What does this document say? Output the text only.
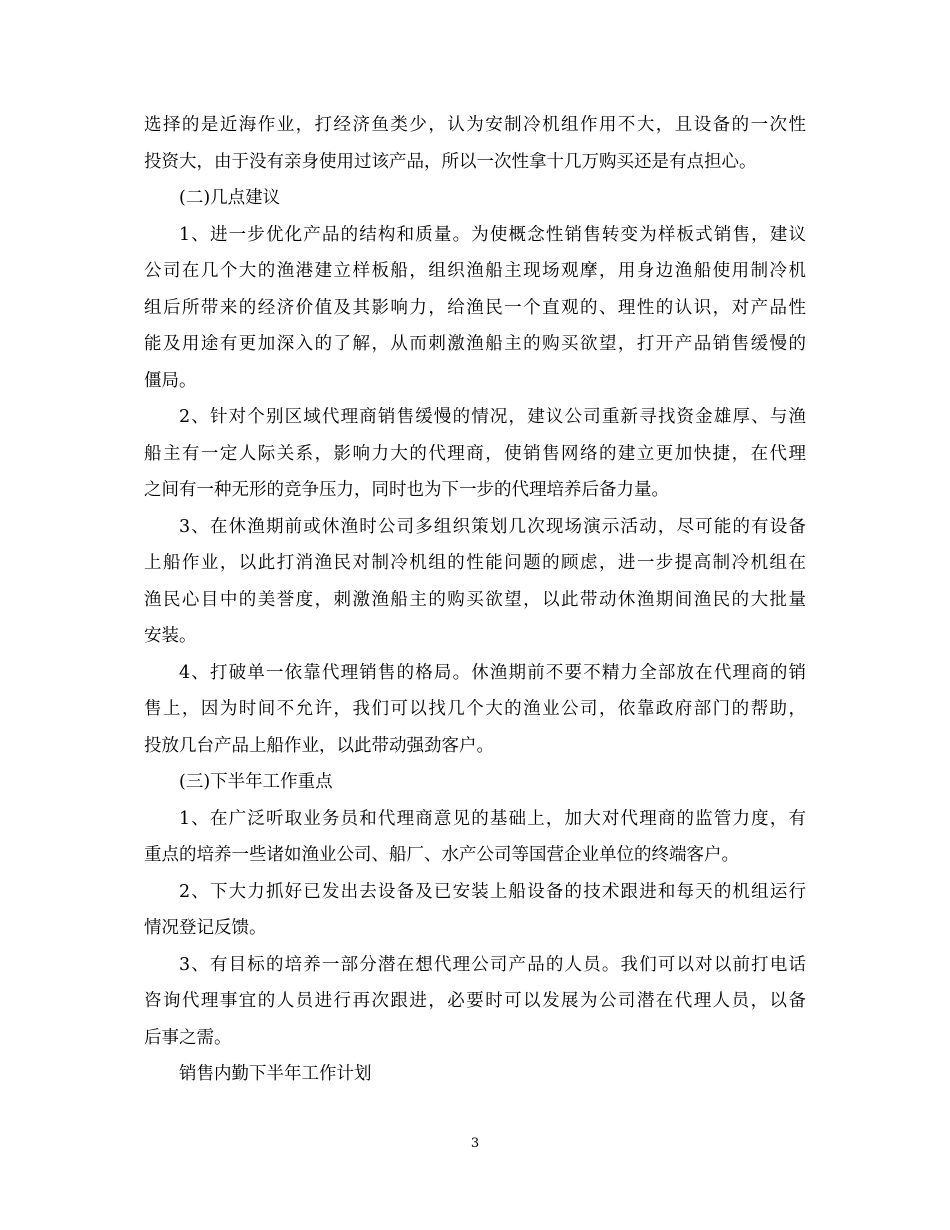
选择的是近海作业，打经济鱼类少，认为安制冷机组作用不大，且设备的一次性
投资大，由于没有亲身使用过该产品，所以一次性拿十几万购买还是有点担心。
(二)几点建议
1、进一步优化产品的结构和质量。为使概念性销售转变为样板式销售，建议
公司在几个大的渔港建立样板船，组织渔船主现场观摩，用身边渔船使用制冷机
组后所带来的经济价值及其影响力，给渔民一个直观的、理性的认识，对产品性
能及用途有更加深入的了解，从而刺激渔船主的购买欲望，打开产品销售缓慢的
僵局。
2、针对个别区域代理商销售缓慢的情况，建议公司重新寻找资金雄厚、与渔
船主有一定人际关系，影响力大的代理商，使销售网络的建立更加快捷，在代理
之间有一种无形的竞争压力，同时也为下一步的代理培养后备力量。
3、在休渔期前或休渔时公司多组织策划几次现场演示活动，尽可能的有设备
上船作业，以此打消渔民对制冷机组的性能问题的顾虑，进一步提高制冷机组在
渔民心目中的美誉度，刺激渔船主的购买欲望，以此带动休渔期间渔民的大批量
安装。
4、打破单一依靠代理销售的格局。休渔期前不要不精力全部放在代理商的销
售上，因为时间不允许，我们可以找几个大的渔业公司，依靠政府部门的帮助，
投放几台产品上船作业，以此带动强劲客户。
(三)下半年工作重点
1、在广泛听取业务员和代理商意见的基础上，加大对代理商的监管力度，有
重点的培养一些诸如渔业公司、船厂、水产公司等国营企业单位的终端客户。
2、下大力抓好已发出去设备及已安装上船设备的技术跟进和每天的机组运行
情况登记反馈。
3、有目标的培养一部分潜在想代理公司产品的人员。我们可以对以前打电话
咨询代理事宜的人员进行再次跟进，必要时可以发展为公司潜在代理人员，以备
后事之需。
销售内勤下半年工作计划
3
